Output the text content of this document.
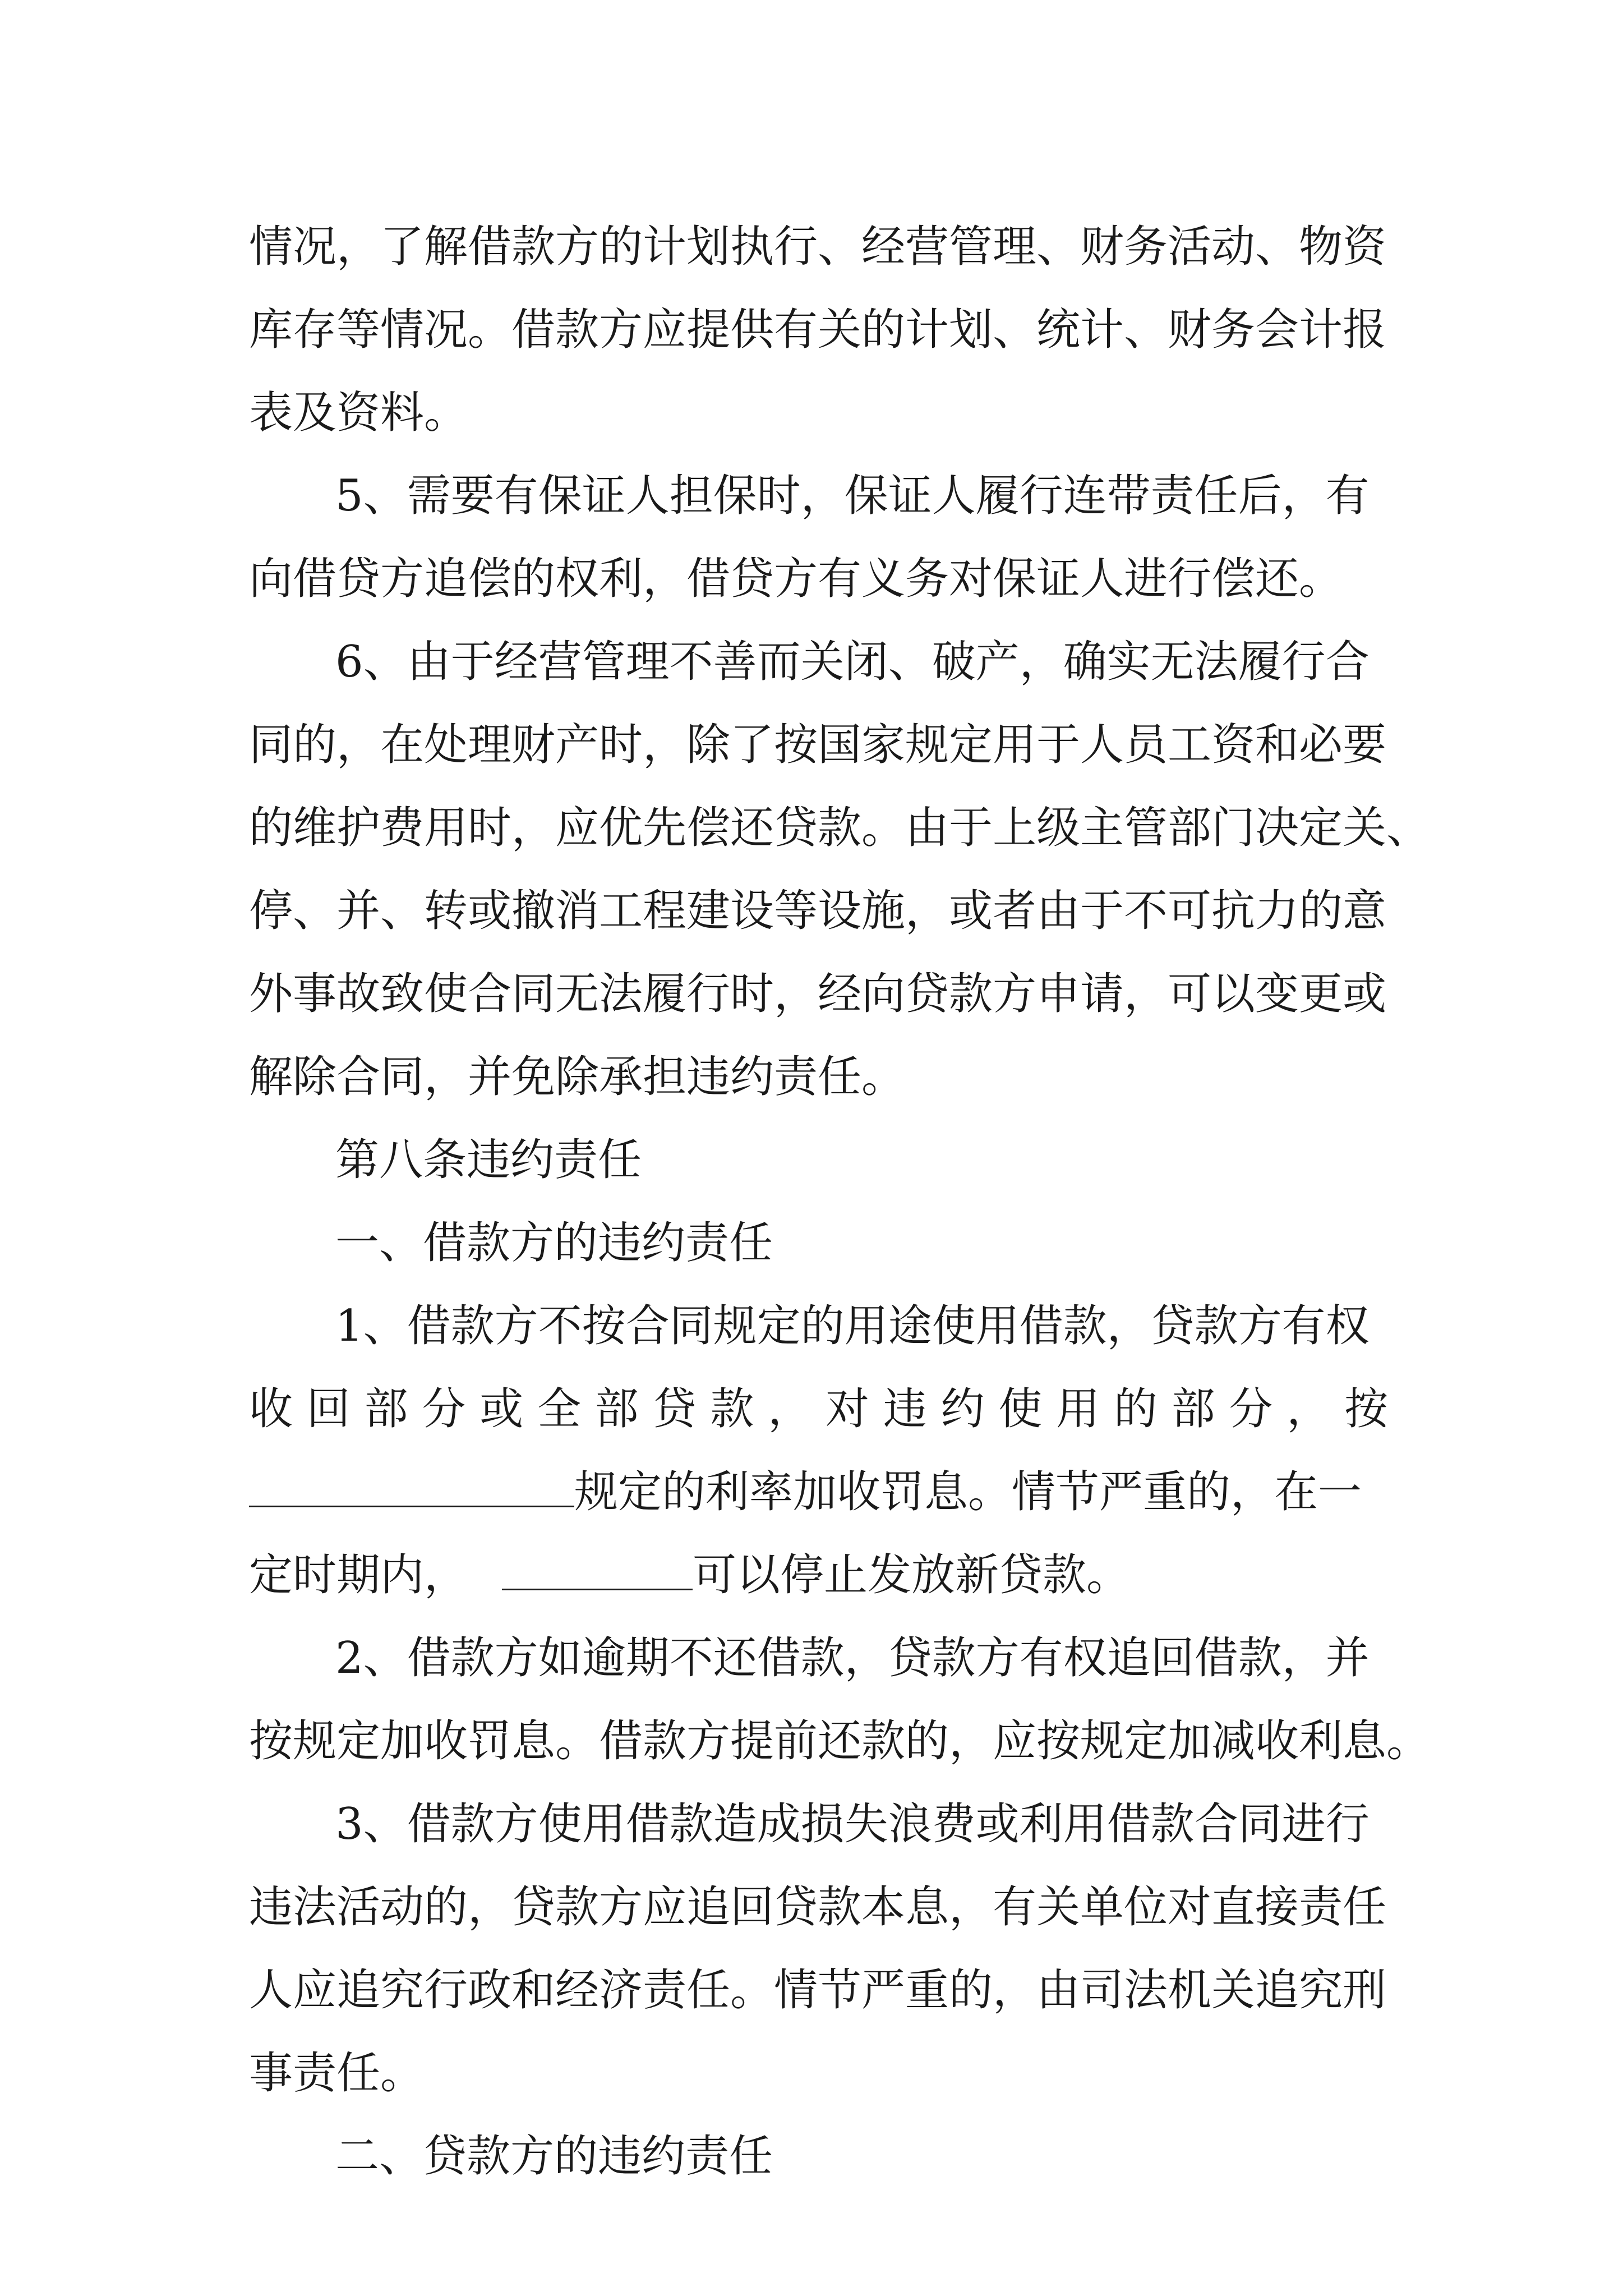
情况，了解借款方的计划执行、经营管理、财务活动、物资
库存等情况。借款方应提供有关的计划、统计、财务会计报
表及资料。
5、需要有保证人担保时，保证人履行连带责任后，有
向借贷方追偿的权利，借贷方有义务对保证人进行偿还。
6、由于经营管理不善而关闭、破产，确实无法履行合
同的，在处理财产时，除了按国家规定用于人员工资和必要
的维护费用时，应优先偿还贷款。由于上级主管部门决定关、
停、并、转或撤消工程建设等设施，或者由于不可抗力的意
外事故致使合同无法履行时，经向贷款方申请，可以变更或
解除合同，并免除承担违约责任。
第八条违约责任
一、借款方的违约责任
1、借款方不按合同规定的用途使用借款，贷款方有权
收 回 部 分 或 全 部 贷 款 ， 对 违 约 使 用 的 部 分 ， 按
规定的利率加收罚息。情节严重的，在一
定时期内，	可以停止发放新贷款。
2、借款方如逾期不还借款，贷款方有权追回借款，并
按规定加收罚息。借款方提前还款的，应按规定加减收利息。
3、借款方使用借款造成损失浪费或利用借款合同进行
违法活动的，贷款方应追回贷款本息，有关单位对直接责任
人应追究行政和经济责任。情节严重的，由司法机关追究刑
事责任。
二、贷款方的违约责任
